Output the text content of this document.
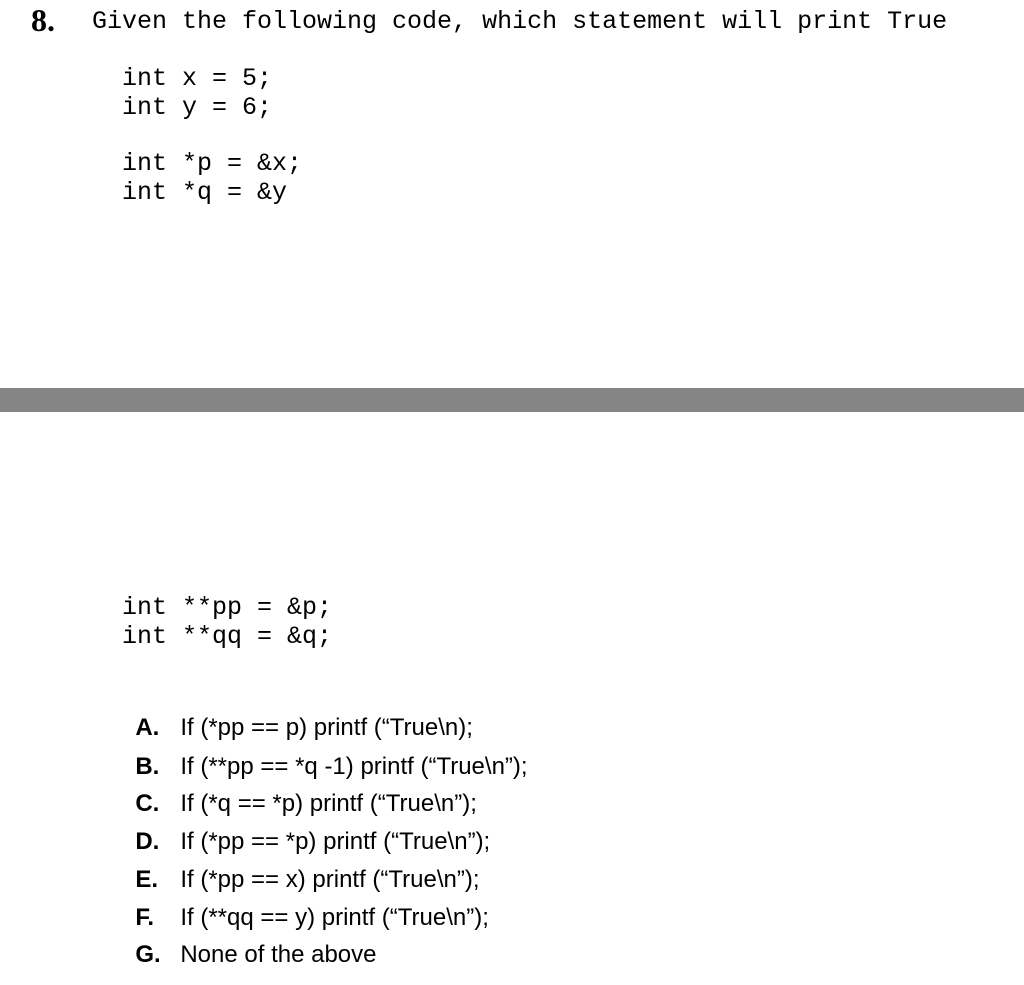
8. Given the following code, which statement will print True
int x = 5;
int y = 6;
int *p = &x;
int *q = &y
int **pp = &p;
int **qq = &q;

A. If (*pp == p) printf (“True\n);

B. If (**pp == *q -1) printf (“True\n”);

C. If (*q == *p) printf (“True\n”);

D. If (*pp == *p) printf (“True\n”);

E. If (*pp == x) printf (“True\n”);

F. If (**qq == y) printf (“True\n”);

G. None of the above
